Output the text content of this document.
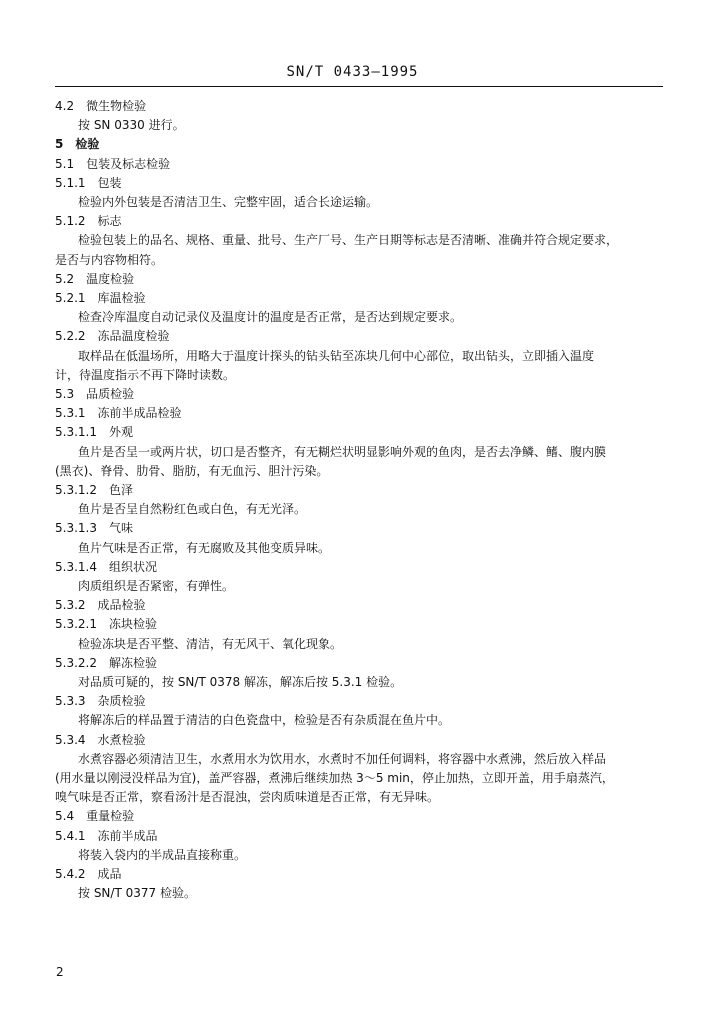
SN/T 0433—1995
4.2 微生物检验
按 SN 0330 进行。
5 检验
5.1 包装及标志检验
5.1.1 包装
检验内外包装是否清洁卫生、完整牢固，适合长途运输。
5.1.2 标志
检验包装上的品名、规格、重量、批号、生产厂号、生产日期等标志是否清晰、准确并符合规定要求，
是否与内容物相符。
5.2 温度检验
5.2.1 库温检验
检查冷库温度自动记录仪及温度计的温度是否正常，是否达到规定要求。
5.2.2 冻品温度检验
取样品在低温场所，用略大于温度计探头的钻头钻至冻块几何中心部位，取出钻头，立即插入温度
计，待温度指示不再下降时读数。
5.3 品质检验
5.3.1 冻前半成品检验
5.3.1.1 外观
鱼片是否呈一或两片状，切口是否整齐，有无糊烂状明显影响外观的鱼肉，是否去净鳞、鳍、腹内膜
(黑衣)、脊骨、肋骨、脂肪，有无血污、胆汁污染。
5.3.1.2 色泽
鱼片是否呈自然粉红色或白色，有无光泽。
5.3.1.3 气味
鱼片气味是否正常，有无腐败及其他变质异味。
5.3.1.4 组织状况
肉质组织是否紧密，有弹性。
5.3.2 成品检验
5.3.2.1 冻块检验
检验冻块是否平整、清洁，有无风干、氧化现象。
5.3.2.2 解冻检验
对品质可疑的，按 SN/T 0378 解冻，解冻后按 5.3.1 检验。
5.3.3 杂质检验
将解冻后的样品置于清洁的白色瓷盘中，检验是否有杂质混在鱼片中。
5.3.4 水煮检验
水煮容器必须清洁卫生，水煮用水为饮用水，水煮时不加任何调料，将容器中水煮沸，然后放入样品
(用水量以刚浸没样品为宜)，盖严容器，煮沸后继续加热 3～5 min，停止加热，立即开盖，用手扇蒸汽，
嗅气味是否正常，察看汤汁是否混浊，尝肉质味道是否正常，有无异味。
5.4 重量检验
5.4.1 冻前半成品
将装入袋内的半成品直接称重。
5.4.2 成品
按 SN/T 0377 检验。
2
